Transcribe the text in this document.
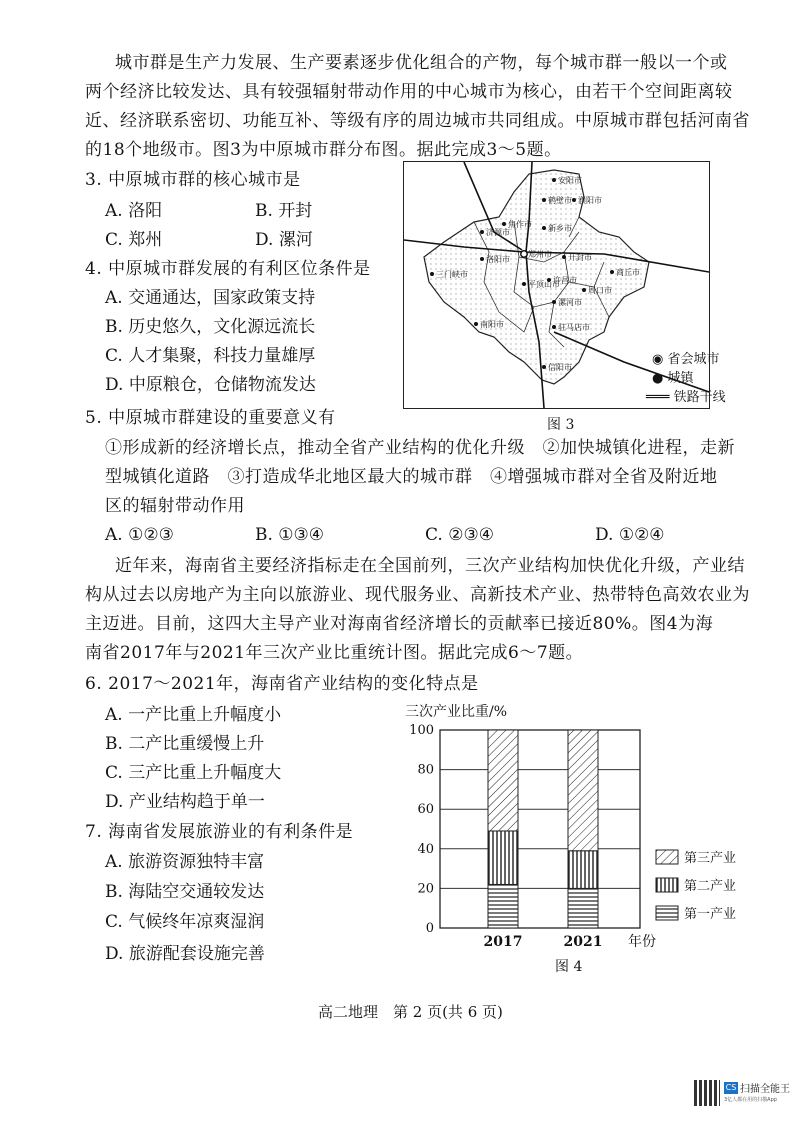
城市群是生产力发展、生产要素逐步优化组合的产物，每个城市群一般以一个或
两个经济比较发达、具有较强辐射带动作用的中心城市为核心，由若干个空间距离较
近、经济联系密切、功能互补、等级有序的周边城市共同组成。中原城市群包括河南省
的18个地级市。图3为中原城市群分布图。据此完成3～5题。
3. 中原城市群的核心城市是
A. 洛阳	B. 开封
C. 郑州	D. 漯河
4. 中原城市群发展的有利区位条件是
A. 交通通达，国家政策支持
B. 历史悠久，文化源远流长
C. 人才集聚，科技力量雄厚
D. 中原粮仓，仓储物流发达
安阳市
鹤壁市
焦作市 新乡市
济源市
郑州市 开封市
商丘市
洛阳市
许昌市
平顶山市
周口市
三门峡市
南阳市
漯河市
驻马店市
信阳市
濮阳市
◉ 省会城市
● 城镇
═══ 铁路干线
图 3
5. 中原城市群建设的重要意义有
①形成新的经济增长点，推动全省产业结构的优化升级　②加快城镇化进程，走新
型城镇化道路　③打造成华北地区最大的城市群　④增强城市群对全省及附近地
区的辐射带动作用
A. ①②③	B. ①③④	C. ②③④	D. ①②④
近年来，海南省主要经济指标走在全国前列，三次产业结构加快优化升级，产业结
构从过去以房地产为主向以旅游业、现代服务业、高新技术产业、热带特色高效农业为
主迈进。目前，这四大主导产业对海南省经济增长的贡献率已接近80%。图4为海
南省2017年与2021年三次产业比重统计图。据此完成6～7题。
6. 2017～2021年，海南省产业结构的变化特点是
A. 一产比重上升幅度小
B. 二产比重缓慢上升
C. 三产比重上升幅度大
D. 产业结构趋于单一
7. 海南省发展旅游业的有利条件是
A. 旅游资源独特丰富
B. 海陆空交通较发达
C. 气候终年凉爽湿润
D. 旅游配套设施完善
0
20
40
60
80
100
三次产业比重/%
2017	2021 年份
第三产业
第二产业
第一产业
图 4
高二地理　第 2 页(共 6 页)
CS 扫描全能王
3亿人都在用的扫描App
